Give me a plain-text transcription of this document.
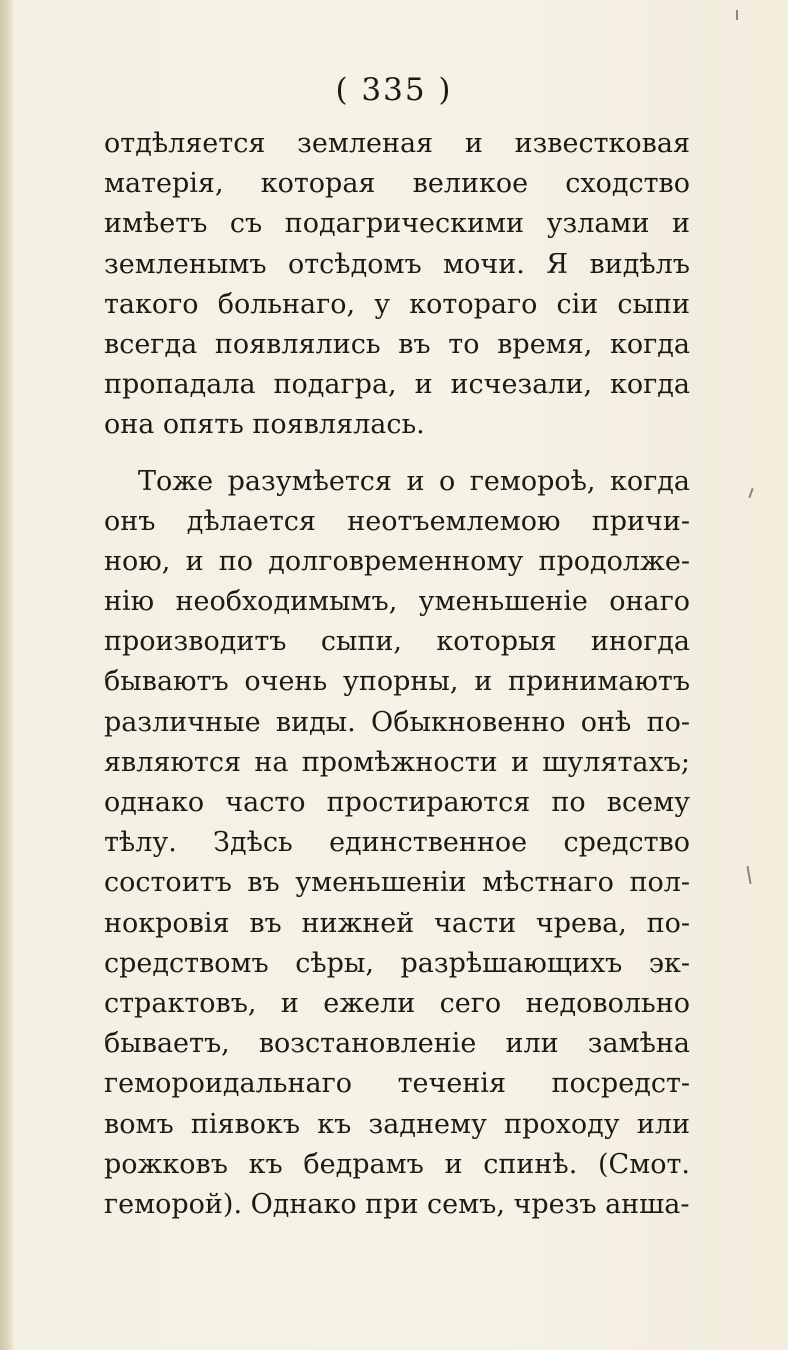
( 335 )
отдѣляется землeная и известковая
матерія, которая великое сходство
имѣетъ съ подагрическими узлами и
земленымъ отсѣдомъ мочи. Я видѣлъ
такого больнаго, у котораго сіи сыпи
всегда появлялись въ то время, когда
пропадала подагра, и исчезали, когда
она опять появлялась.
Тоже разумѣется и о гемороѣ, когда
онъ дѣлается неотъемлемою причи-
ною, и по долговременному продолже-
нію необходимымъ, уменьшеніе онаго
производитъ сыпи, которыя иногда
бываютъ очень упорны, и принимаютъ
различные виды. Обыкновенно онѣ по-
являются на промѣжности и шулятахъ;
однако часто простираются по всему
тѣлу. Здѣсь единственное средство
состоитъ въ уменьшеніи мѣстнаго пол-
нокровія въ нижней части чрева, по-
средствомъ сѣры, разрѣшающихъ эк-
страктовъ, и ежели сего недовольно
бываетъ, возстановленіе или замѣна
гемороидальнаго теченія посредст-
вомъ піявокъ къ заднему проходу или
рожковъ къ бедрамъ и спинѣ. (Смот.
геморой). Однако при семъ, чрезъ анша-
